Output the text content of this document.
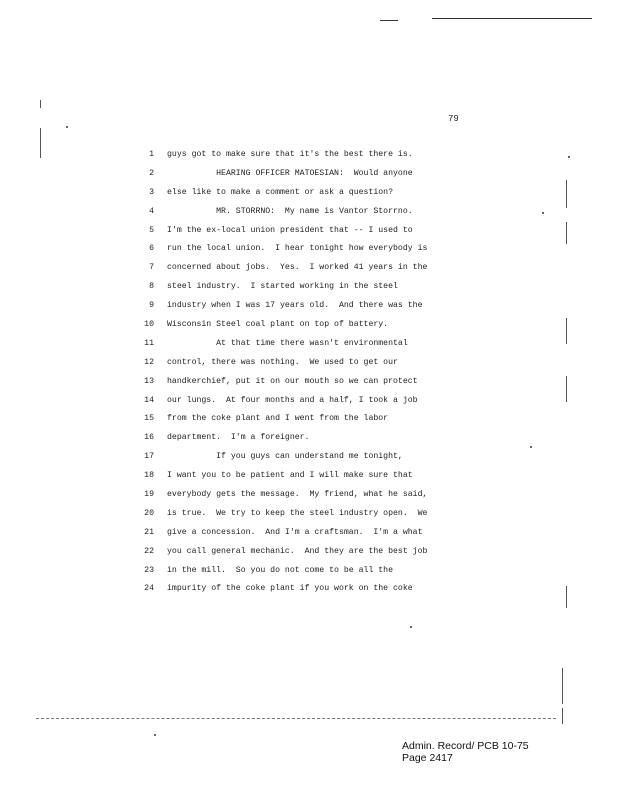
79
1 guys got to make sure that it's the best there is.
2 HEARING OFFICER MATOESIAN:  Would anyone
3 else like to make a comment or ask a question?
4 MR. STORRNO:  My name is Vantor Storrno.
5 I'm the ex-local union president that -- I used to
6 run the local union.  I hear tonight how everybody is
7 concerned about jobs.  Yes.  I worked 41 years in the
8 steel industry.  I started working in the steel
9 industry when I was 17 years old.  And there was the
10 Wisconsin Steel coal plant on top of battery.
11 At that time there wasn't environmental
12 control, there was nothing.  We used to get our
13 handkerchief, put it on our mouth so we can protect
14 our lungs.  At four months and a half, I took a job
15 from the coke plant and I went from the labor
16 department.  I'm a foreigner.
17 If you guys can understand me tonight,
18 I want you to be patient and I will make sure that
19 everybody gets the message.  My friend, what he said,
20 is true.  We try to keep the steel industry open.  We
21 give a concession.  And I'm a craftsman.  I'm a what
22 you call general mechanic.  And they are the best job
23 in the mill.  So you do not come to be all the
24 impurity of the coke plant if you work on the coke
Admin. Record/ PCB 10-75
Page 2417
